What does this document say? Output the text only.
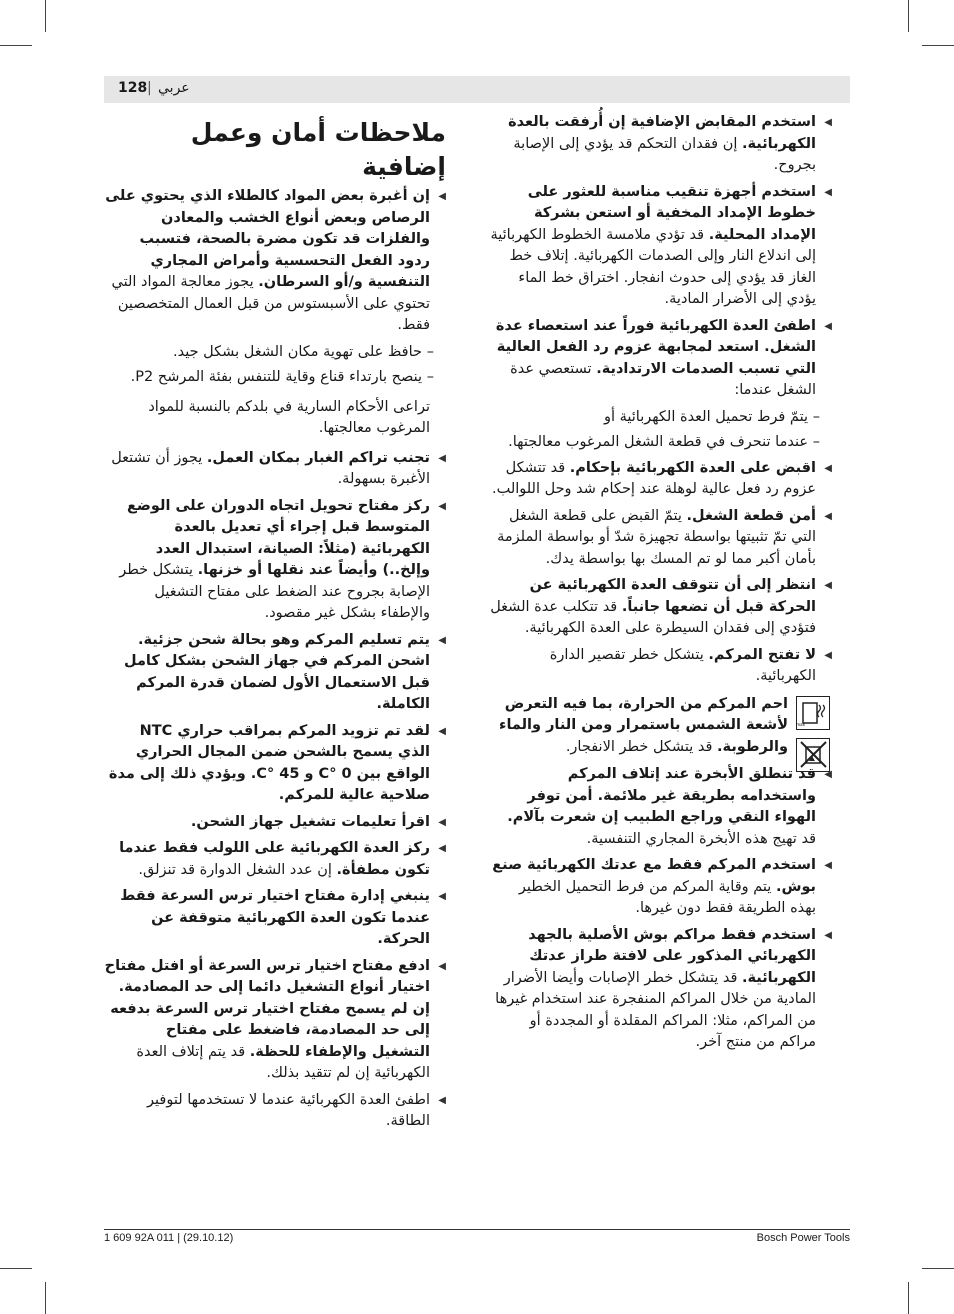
128 | عربي
◀ استخدم المقابض الإضافية إن أُرفقت بالعدة الكهربائية. إن فقدان التحكم قد يؤدي إلى الإصابة بجروح.
◀ استخدم أجهزة تنقيب مناسبة للعثور على خطوط الإمداد المخفية أو استعن بشركة الإمداد المحلية. قد تؤدي ملامسة الخطوط الكهربائية إلى اندلاع النار وإلى الصدمات الكهربائية. إتلاف خط الغاز قد يؤدي إلى حدوث انفجار. اختراق خط الماء يؤدي إلى الأضرار المادية.
◀ اطفئ العدة الكهربائية فوراً عند استعصاء عدة الشغل. استعد لمجابهة عزوم رد الفعل العالية التي تسبب الصدمات الارتدادية. تستعصي عدة الشغل عندما:
– يتمّ فرط تحميل العدة الكهربائية أو
– عندما تنحرف في قطعة الشغل المرغوب معالجتها.
◀ اقبض على العدة الكهربائية بإحكام. قد تتشكل عزوم رد فعل عالية لوهلة عند إحكام شد وحل اللوالب.
◀ أمن قطعة الشغل. يتمّ القبض على قطعة الشغل التي تمّ تثبيتها بواسطة تجهيزة شدّ أو بواسطة الملزمة بأمان أكبر مما لو تم المسك بها بواسطة يدك.
◀ انتظر إلى أن تتوقف العدة الكهربائية عن الحركة قبل أن تضعها جانباً. قد تتكلب عدة الشغل فتؤدي إلى فقدان السيطرة على العدة الكهربائية.
◀ لا تفتح المركم. يتشكل خطر تقصير الدارة الكهربائية.
max
احم المركم من الحرارة، بما فيه التعرض لأشعة الشمس باستمرار ومن النار والماء والرطوبة. قد يتشكل خطر الانفجار.
◀ قد تنطلق الأبخرة عند إتلاف المركم واستخدامه بطريقة غير ملائمة. أمن توفر الهواء النقي وراجع الطبيب إن شعرت بآلام. قد تهيج هذه الأبخرة المجاري التنفسية.
◀ استخدم المركم فقط مع عدتك الكهربائية صنع بوش. يتم وقاية المركم من فرط التحميل الخطير بهذه الطريقة فقط دون غيرها.
◀ استخدم فقط مراكم بوش الأصلية بالجهد الكهربائي المذكور على لافتة طراز عدتك الكهربائية. قد يتشكل خطر الإصابات وأيضا الأضرار المادية من خلال المراكم المنفجرة عند استخدام غيرها من المراكم، مثلا: المراكم المقلدة أو المجددة أو مراكم من منتج آخر.
ملاحظات أمان وعمل إضافية
◀ إن أغبرة بعض المواد كالطلاء الذي يحتوي على الرصاص وبعض أنواع الخشب والمعادن والفلزات قد تكون مضرة بالصحة، فتسبب ردود الفعل التحسسية وأمراض المجاري التنفسية و/أو السرطان. يجوز معالجة المواد التي تحتوي على الأسبستوس من قبل العمال المتخصصين فقط.
– حافظ على تهوية مكان الشغل بشكل جيد.
– ينصح بارتداء قناع وقاية للتنفس بفئة المرشح P2.
تراعى الأحكام السارية في بلدكم بالنسبة للمواد المرغوب معالجتها.
◀ تجنب تراكم الغبار بمكان العمل. يجوز أن تشتعل الأغبرة بسهولة.
◀ ركز مفتاح تحويل اتجاه الدوران على الوضع المتوسط قبل إجراء أي تعديل بالعدة الكهربائية (مثلاً: الصيانة، استبدال العدد وإلخ..) وأيضاً عند نقلها أو خزنها. يتشكل خطر الإصابة بجروح عند الضغط على مفتاح التشغيل والإطفاء بشكل غير مقصود.
◀ يتم تسليم المركم وهو بحالة شحن جزئية. اشحن المركم في جهاز الشحن بشكل كامل قبل الاستعمال الأول لضمان قدرة المركم الكاملة.
◀ لقد تم تزويد المركم بمراقب حراري NTC الذي يسمح بالشحن ضمن المجال الحراري الواقع بين 0 °C و 45 °C. ويؤدي ذلك إلى مدة صلاحية عالية للمركم.
◀ اقرأ تعليمات تشغيل جهاز الشحن.
◀ ركز العدة الكهربائية على اللولب فقط عندما تكون مطفأة. إن عدد الشغل الدوارة قد تنزلق.
◀ ينبغي إدارة مفتاح اختيار ترس السرعة فقط عندما تكون العدة الكهربائية متوقفة عن الحركة.
◀ ادفع مفتاح اختيار ترس السرعة أو افتل مفتاح اختيار أنواع التشغيل دائما إلى حد المصادمة. إن لم يسمح مفتاح اختيار ترس السرعة بدفعه إلى حد المصادمة، فاضغط على مفتاح التشغيل والإطفاء للحظة. قد يتم إتلاف العدة الكهربائية إن لم تتقيد بذلك.
◀ اطفئ العدة الكهربائية عندما لا تستخدمها لتوفير الطاقة.
1 609 92A 011 | (29.10.12)	Bosch Power Tools
